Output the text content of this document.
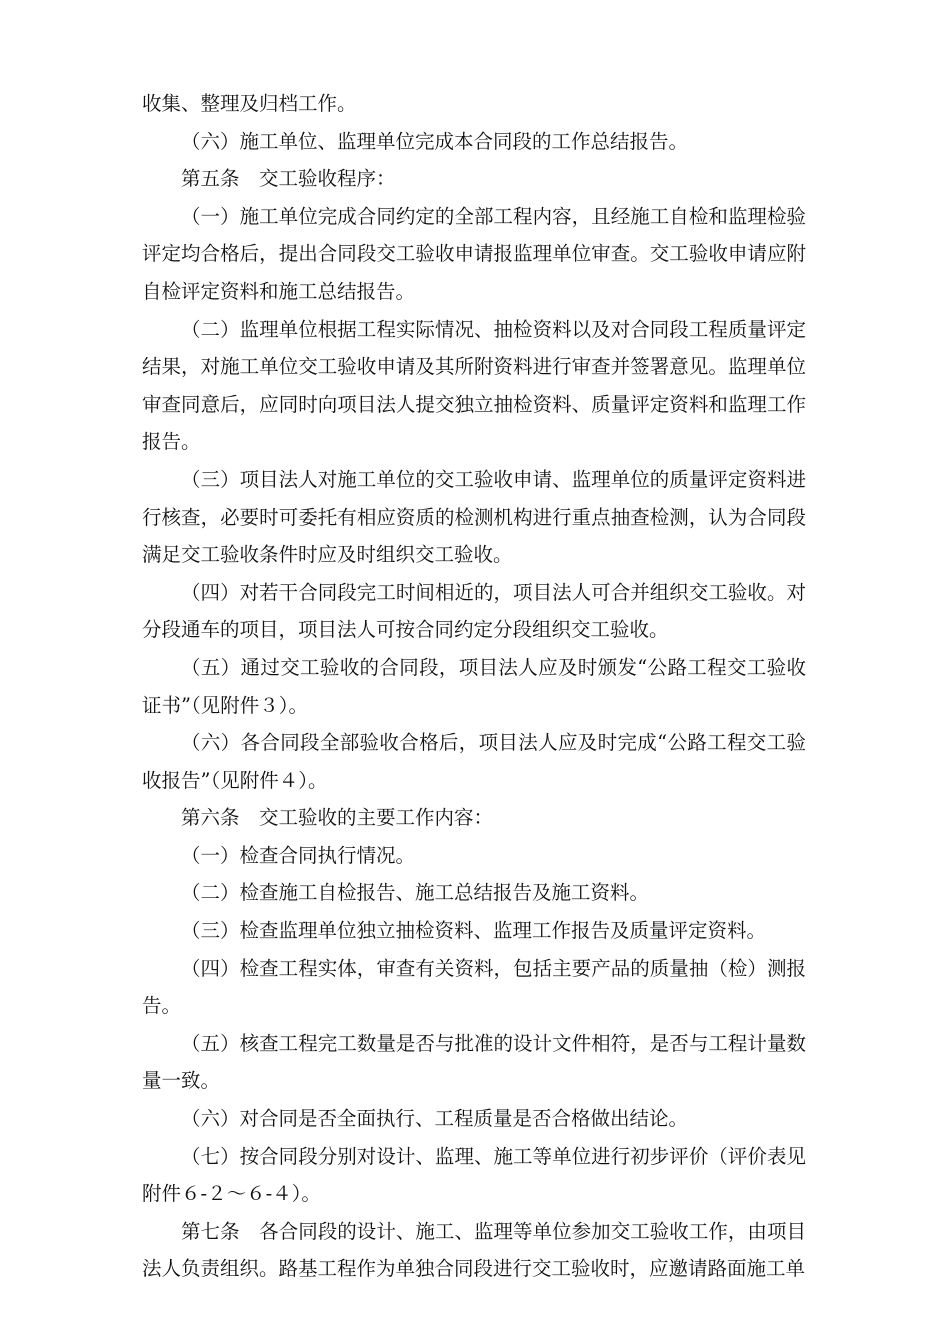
收集、整理及归档工作。

（六）施工单位、监理单位完成本合同段的工作总结报告。

第五条　交工验收程序：

（一）施工单位完成合同约定的全部工程内容，且经施工自检和监理检验评定均合格后，提出合同段交工验收申请报监理单位审查。交工验收申请应附自检评定资料和施工总结报告。

（二）监理单位根据工程实际情况、抽检资料以及对合同段工程质量评定结果，对施工单位交工验收申请及其所附资料进行审查并签署意见。监理单位审查同意后，应同时向项目法人提交独立抽检资料、质量评定资料和监理工作报告。

（三）项目法人对施工单位的交工验收申请、监理单位的质量评定资料进行核查，必要时可委托有相应资质的检测机构进行重点抽查检测，认为合同段满足交工验收条件时应及时组织交工验收。

（四）对若干合同段完工时间相近的，项目法人可合并组织交工验收。对分段通车的项目，项目法人可按合同约定分段组织交工验收。

（五）通过交工验收的合同段，项目法人应及时颁发“公路工程交工验收证书”（见附件３）。

（六）各合同段全部验收合格后，项目法人应及时完成“公路工程交工验收报告”（见附件４）。

第六条　交工验收的主要工作内容：

（一）检查合同执行情况。

（二）检查施工自检报告、施工总结报告及施工资料。

（三）检查监理单位独立抽检资料、监理工作报告及质量评定资料。

（四）检查工程实体，审查有关资料，包括主要产品的质量抽（检）测报告。

（五）核查工程完工数量是否与批准的设计文件相符，是否与工程计量数量一致。

（六）对合同是否全面执行、工程质量是否合格做出结论。

（七）按合同段分别对设计、监理、施工等单位进行初步评价（评价表见附件６-２～６-４）。

第七条　各合同段的设计、施工、监理等单位参加交工验收工作，由项目法人负责组织。路基工程作为单独合同段进行交工验收时，应邀请路面施工单
